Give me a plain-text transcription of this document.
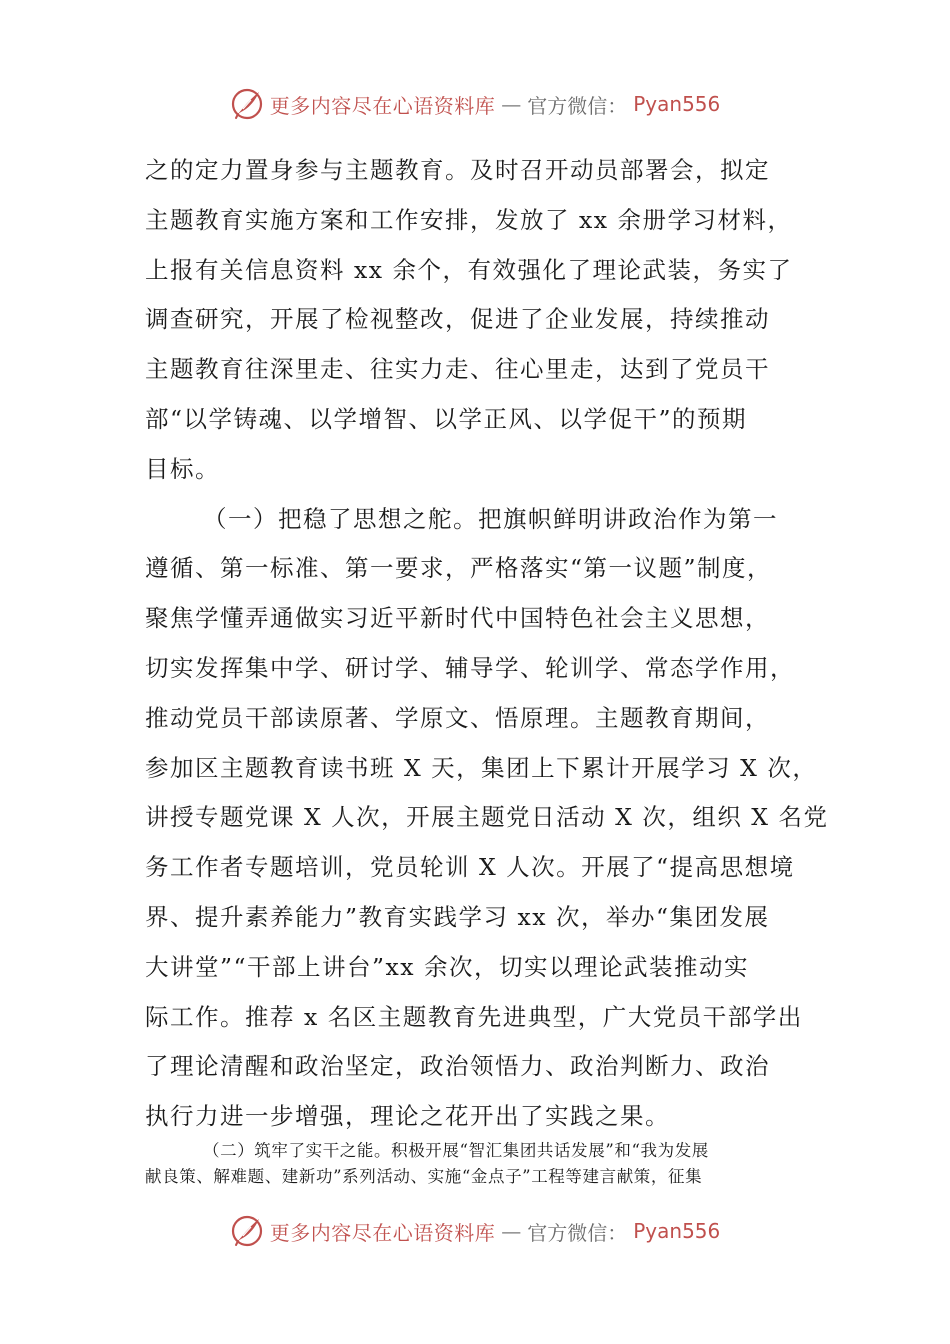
更多内容尽在心语资料库 — 官方微信： Pyan556
之的定力置身参与主题教育。及时召开动员部署会，拟定
主题教育实施方案和工作安排，发放了 xx 余册学习材料，
上报有关信息资料 xx 余个，有效强化了理论武装，务实了
调查研究，开展了检视整改，促进了企业发展，持续推动
主题教育往深里走、往实力走、往心里走，达到了党员干
部“以学铸魂、以学增智、以学正风、以学促干”的预期
目标。
（一）把稳了思想之舵。把旗帜鲜明讲政治作为第一
遵循、第一标准、第一要求，严格落实“第一议题”制度，
聚焦学懂弄通做实习近平新时代中国特色社会主义思想，
切实发挥集中学、研讨学、辅导学、轮训学、常态学作用，
推动党员干部读原著、学原文、悟原理。主题教育期间，
参加区主题教育读书班 X 天，集团上下累计开展学习 X 次，
讲授专题党课 X 人次，开展主题党日活动 X 次，组织 X 名党
务工作者专题培训，党员轮训 X 人次。开展了“提高思想境
界、提升素养能力”教育实践学习 xx 次，举办“集团发展
大讲堂”“干部上讲台”xx 余次，切实以理论武装推动实
际工作。推荐 x 名区主题教育先进典型，广大党员干部学出
了理论清醒和政治坚定，政治领悟力、政治判断力、政治
执行力进一步增强，理论之花开出了实践之果。
（二）筑牢了实干之能。积极开展“智汇集团共话发展”和“我为发展
献良策、解难题、建新功”系列活动、实施“金点子”工程等建言献策，征集
更多内容尽在心语资料库 — 官方微信： Pyan556
